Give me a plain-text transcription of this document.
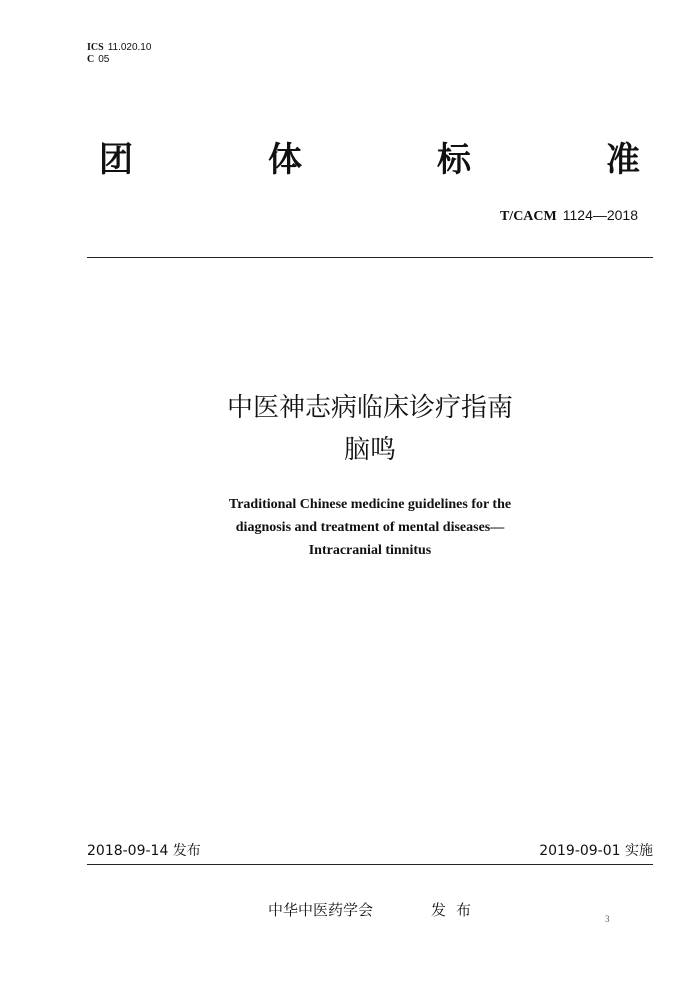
ICS 11.020.10
C 05
团	体	标	准
T/CACM 1124—2018
中医神志病临床诊疗指南
脑鸣
Traditional Chinese medicine guidelines for the
diagnosis and treatment of mental diseases—
Intracranial tinnitus
2018-09-14 发布	2019-09-01 实施
中华中医药学会	发布	3
